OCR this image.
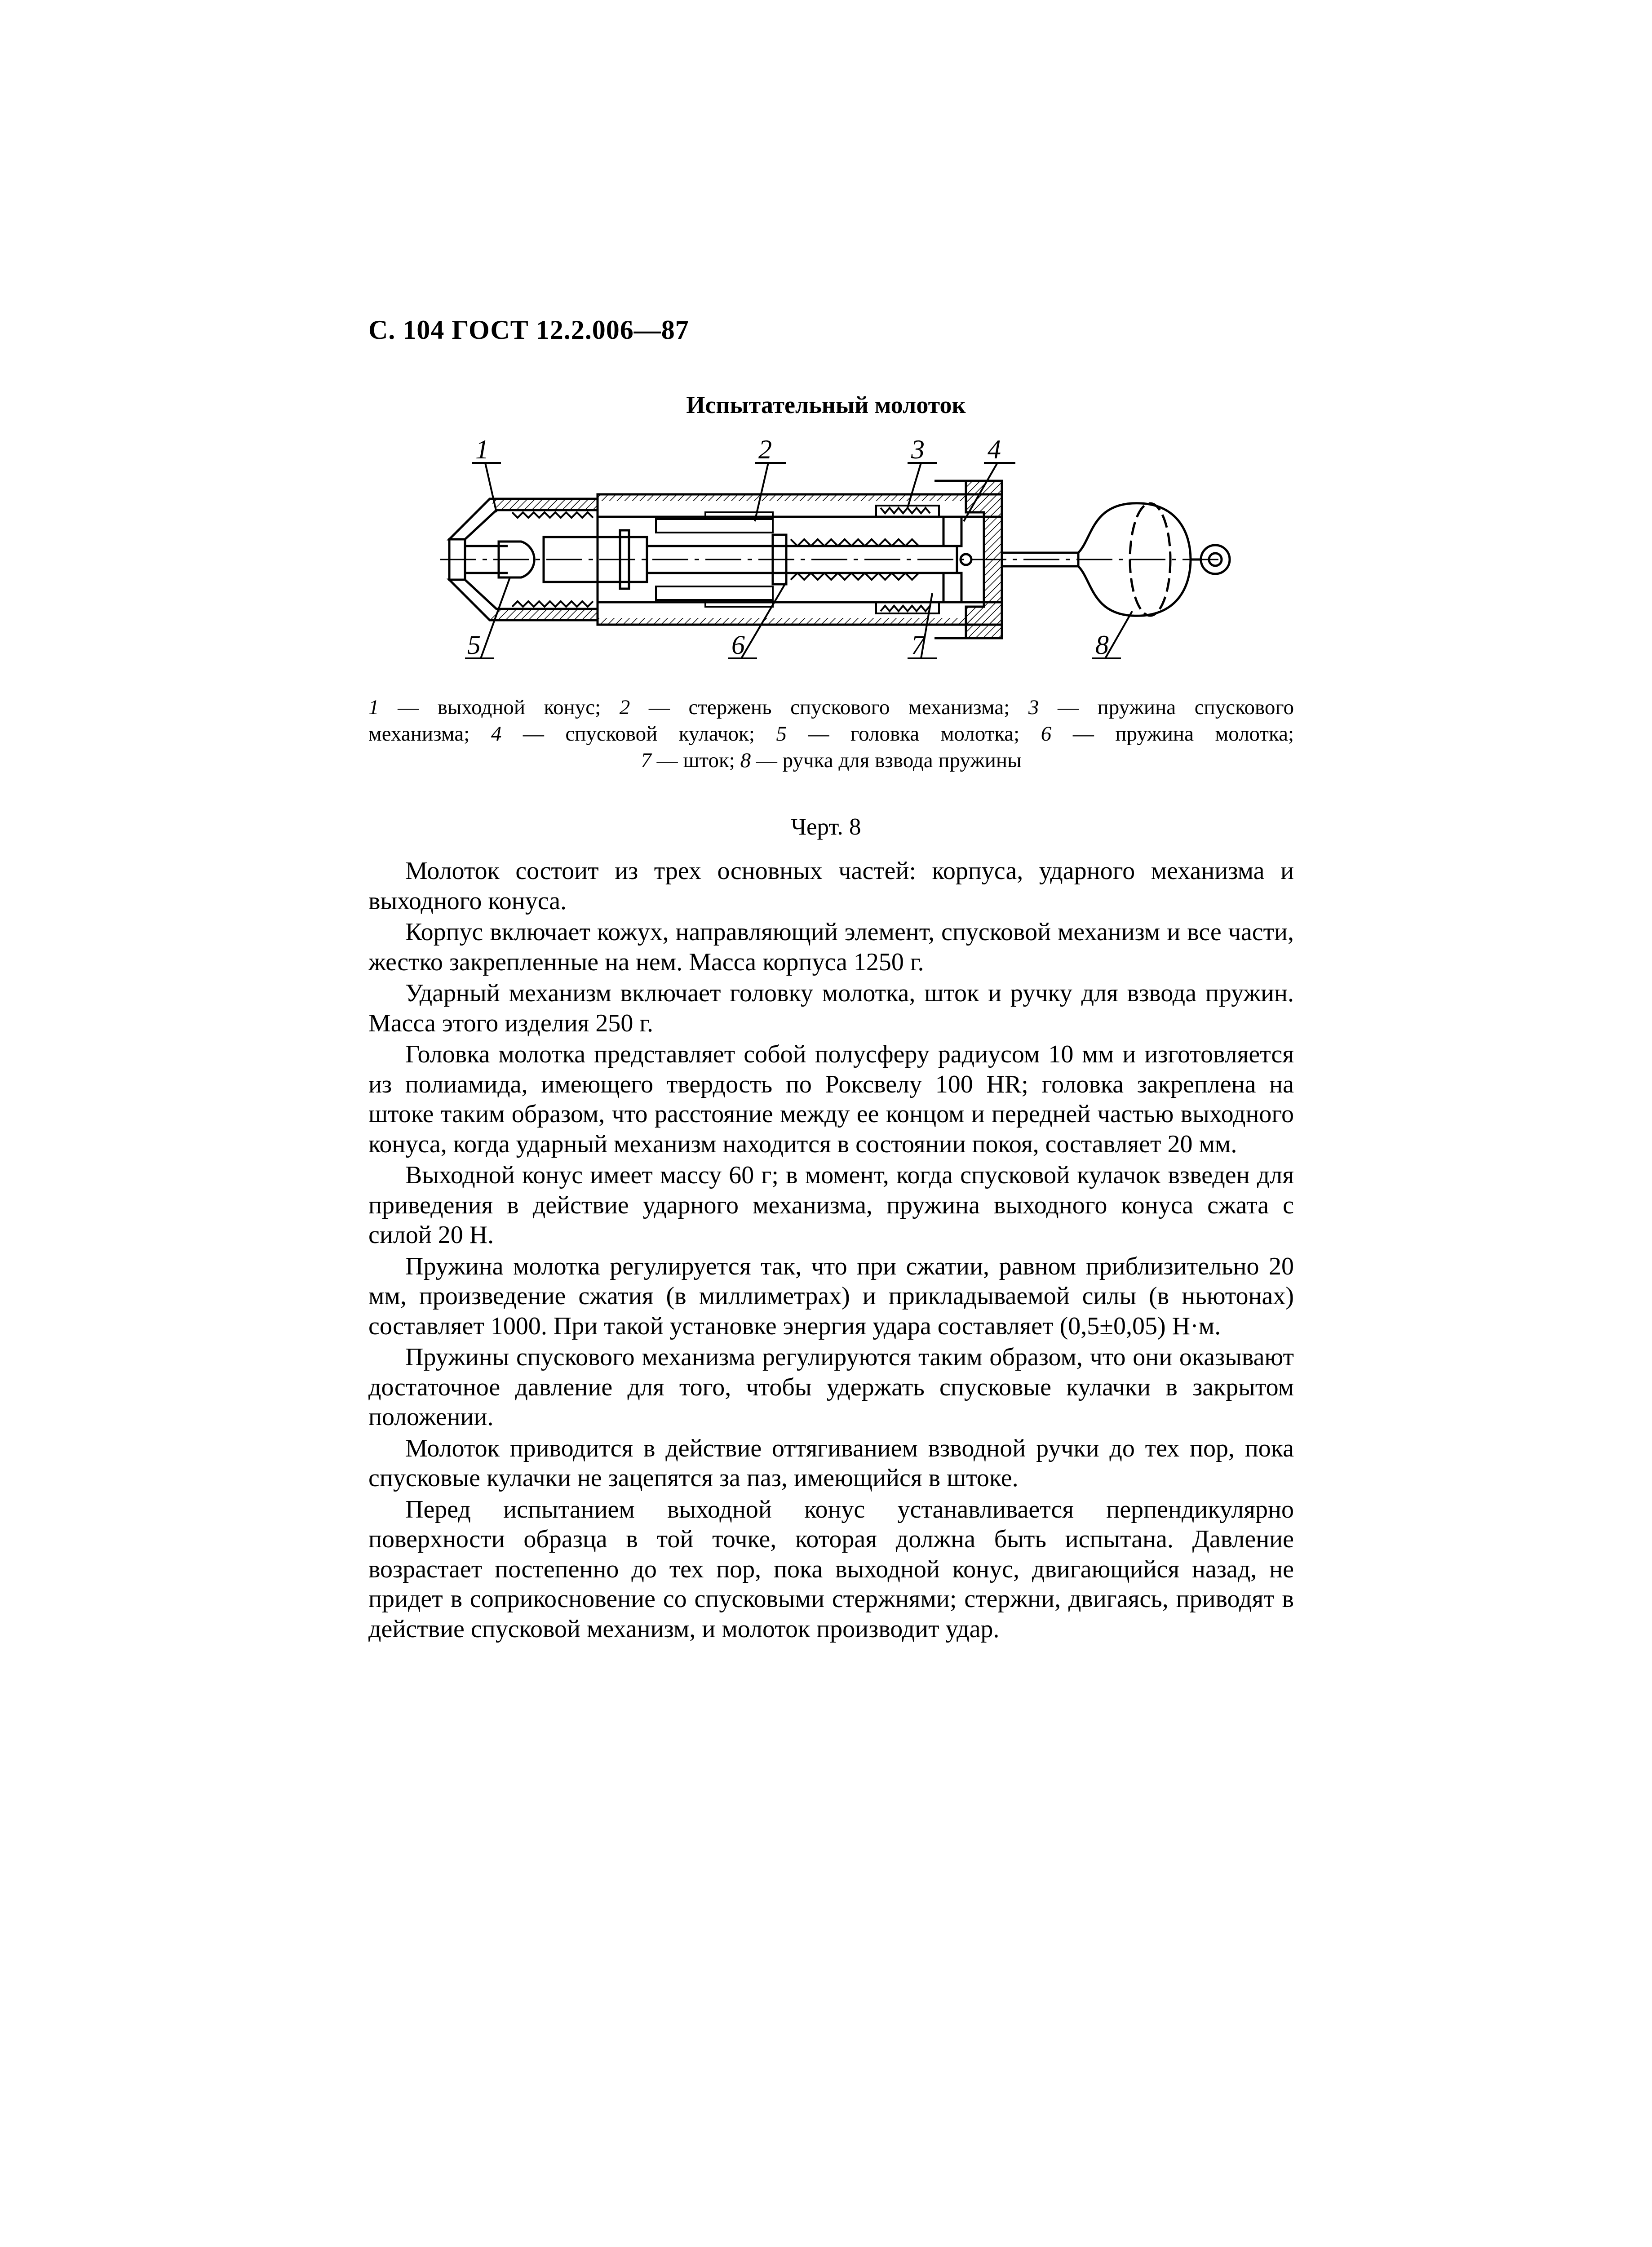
С. 104 ГОСТ 12.2.006—87
Испытательный молоток
1	2	3 4
5	6	7	8
1 — выходной конус; 2 — стержень спускового механизма; 3 — пружина спускового
механизма; 4 — спусковой кулачок; 5 — головка молотка; 6 — пружина молотка;
7 — шток; 8 — ручка для взвода пружины
Черт. 8

Молоток состоит из трех основных частей: корпуса, ударного механизма и выходного конуса.

Корпус включает кожух, направляющий элемент, спусковой механизм и все части, жестко закрепленные на нем. Масса корпуса 1250 г.

Ударный механизм включает головку молотка, шток и ручку для взвода пружин. Масса этого изделия 250 г.

Головка молотка представляет собой полусферу радиусом 10 мм и изготовляется из полиамида, имеющего твердость по Роксвелу 100 HR; головка закреплена на штоке таким образом, что расстояние между ее концом и передней частью выходного конуса, когда ударный механизм находится в состоянии покоя, составляет 20 мм.

Выходной конус имеет массу 60 г; в момент, когда спусковой кулачок взведен для приведения в действие ударного механизма, пружина выходного конуса сжата с силой 20 Н.

Пружина молотка регулируется так, что при сжатии, равном приблизительно 20 мм, произведение сжатия (в миллиметрах) и прикладываемой силы (в ньютонах) составляет 1000. При такой установке энергия удара составляет (0,5±0,05) Н·м.

Пружины спускового механизма регулируются таким образом, что они оказывают достаточное давление для того, чтобы удержать спусковые кулачки в закрытом положении.

Молоток приводится в действие оттягиванием взводной ручки до тех пор, пока спусковые кулачки не зацепятся за паз, имеющийся в штоке.

Перед испытанием выходной конус устанавливается перпендикулярно поверхности образца в той точке, которая должна быть испытана. Давление возрастает постепенно до тех пор, пока выходной конус, двигающийся назад, не придет в соприкосновение со спусковыми стержнями; стержни, двигаясь, приводят в действие спусковой механизм, и молоток производит удар.
